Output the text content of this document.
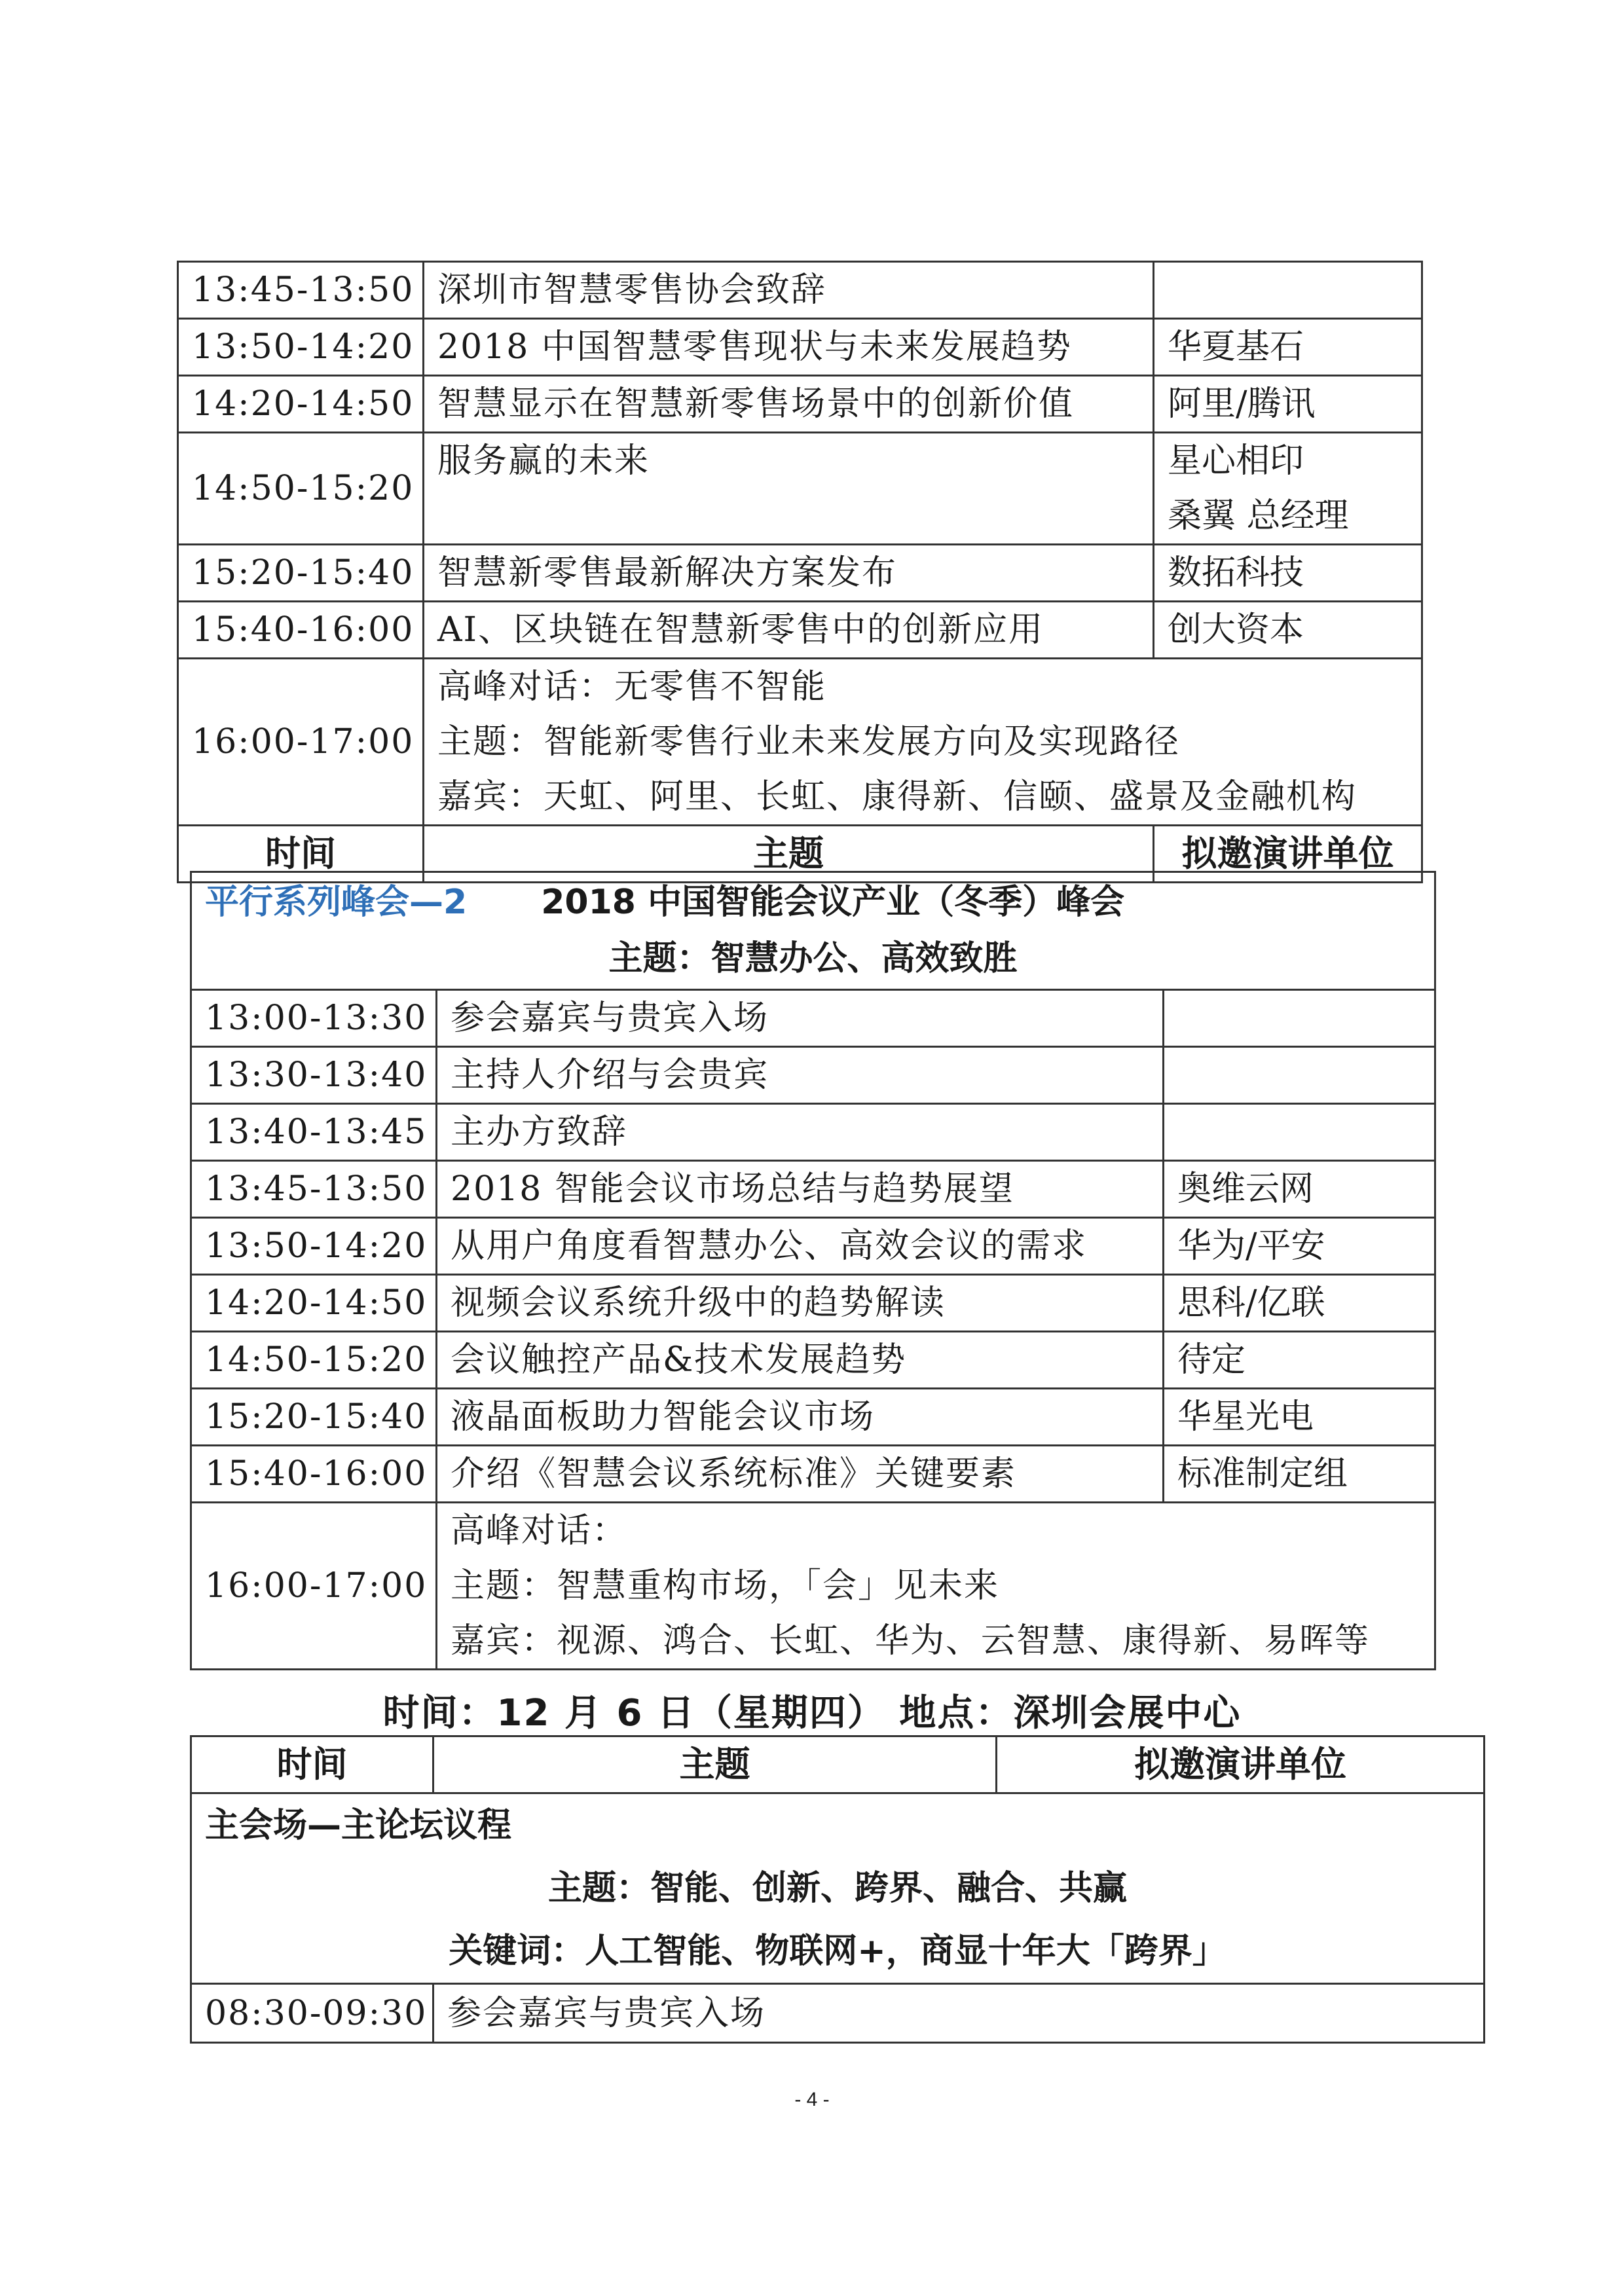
13:45-13:50	深圳市智慧零售协会致辞	
13:50-14:20	2018 中国智慧零售现状与未来发展趋势	华夏基石
14:20-14:50	智慧显示在智慧新零售场景中的创新价值	阿里/腾讯
14:50-15:20	服务赢的未来	星心相印
桑翼 总经理

15:20-15:40	智慧新零售最新解决方案发布	数拓科技
15:40-16:00	AI、区块链在智慧新零售中的创新应用	创大资本
16:00-17:00	高峰对话：无零售不智能
主题：智能新零售行业未来发展方向及实现路径
嘉宾：天虹、阿里、长虹、康得新、信颐、盛景及金融机构	

时间	主题	拟邀演讲单位
平行系列峰会—2 2018 中国智能会议产业（冬季）峰会
主题：智慧办公、高效致胜		

13:00-13:30	参会嘉宾与贵宾入场	
13:30-13:40	主持人介绍与会贵宾	
13:40-13:45	主办方致辞	
13:45-13:50	2018 智能会议市场总结与趋势展望	奥维云网
13:50-14:20	从用户角度看智慧办公、高效会议的需求	华为/平安
14:20-14:50	视频会议系统升级中的趋势解读	思科/亿联
14:50-15:20	会议触控产品&技术发展趋势	待定
15:20-15:40	液晶面板助力智能会议市场	华星光电
15:40-16:00	介绍《智慧会议系统标准》关键要素	标准制定组
16:00-17:00	高峰对话：
主题：智慧重构市场，「会」见未来
嘉宾：视源、鸿合、长虹、华为、云智慧、康得新、易晖等	
时间：12 月 6 日（星期四） 地点：深圳会展中心
时间	主题	拟邀演讲单位

主会场—主论坛议程
主题：智能、创新、跨界、融合、共赢
关键词：人工智能、物联网+，商显十年大「跨界」		

08:30-09:30	参会嘉宾与贵宾入场	
- 4 -
